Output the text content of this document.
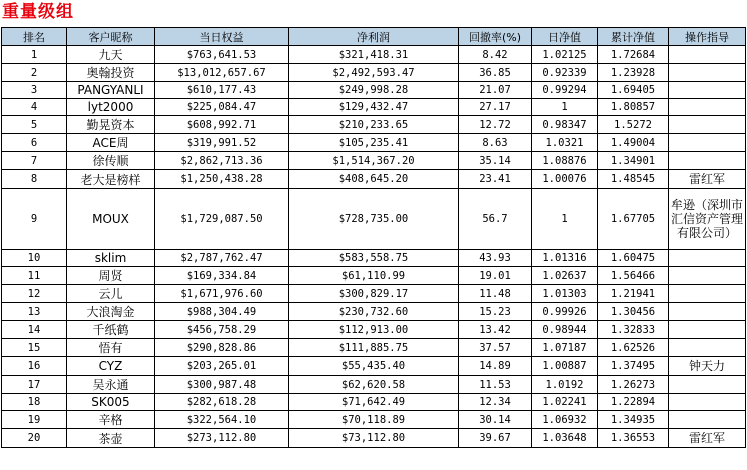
重量级组
排名	客户昵称	当日权益	净利润	回撤率(%)	日净值	累计净值	操作指导
1	九天	$763,641.53	$321,418.31	8.42	1.02125	1.72684	
2	奥翰投资	$13,012,657.67	$2,492,593.47	36.85	0.92339	1.23928	
3	PANGYANLI	$610,177.43	$249,998.28	21.07	0.99294	1.69405	
4	lyt2000	$225,084.47	$129,432.47	27.17	1	1.80857	
5	勤晃资本	$608,992.71	$210,233.65	12.72	0.98347	1.5272	
6	ACE周	$319,991.52	$105,235.41	8.63	1.0321	1.49004	
7	徐传顺	$2,862,713.36	$1,514,367.20	35.14	1.08876	1.34901	
8	老大是榜样	$1,250,438.28	$408,645.20	23.41	1.00076	1.48545	雷红军
9	MOUX	$1,729,087.50	$728,735.00	56.7	1	1.67705	牟逊（深圳市汇信资产管理有限公司）
10	sklim	$2,787,762.47	$583,558.75	43.93	1.01316	1.60475	
11	周贤	$169,334.84	$61,110.99	19.01	1.02637	1.56466	
12	云儿	$1,671,976.60	$300,829.17	11.48	1.01303	1.21941	
13	大浪淘金	$988,304.49	$230,732.60	15.23	0.99926	1.30456	
14	千纸鹤	$456,758.29	$112,913.00	13.42	0.98944	1.32833	
15	悟有	$290,828.86	$111,885.75	37.57	1.07187	1.62526	
16	CYZ	$203,265.01	$55,435.40	14.89	1.00887	1.37495	钟天力
17	吴永通	$300,987.48	$62,620.58	11.53	1.0192	1.26273	
18	SK005	$282,618.28	$71,642.49	12.34	1.02241	1.22894	
19	辛格	$322,564.10	$70,118.89	30.14	1.06932	1.34935	
20	茶壶	$273,112.80	$73,112.80	39.67	1.03648	1.36553	雷红军
